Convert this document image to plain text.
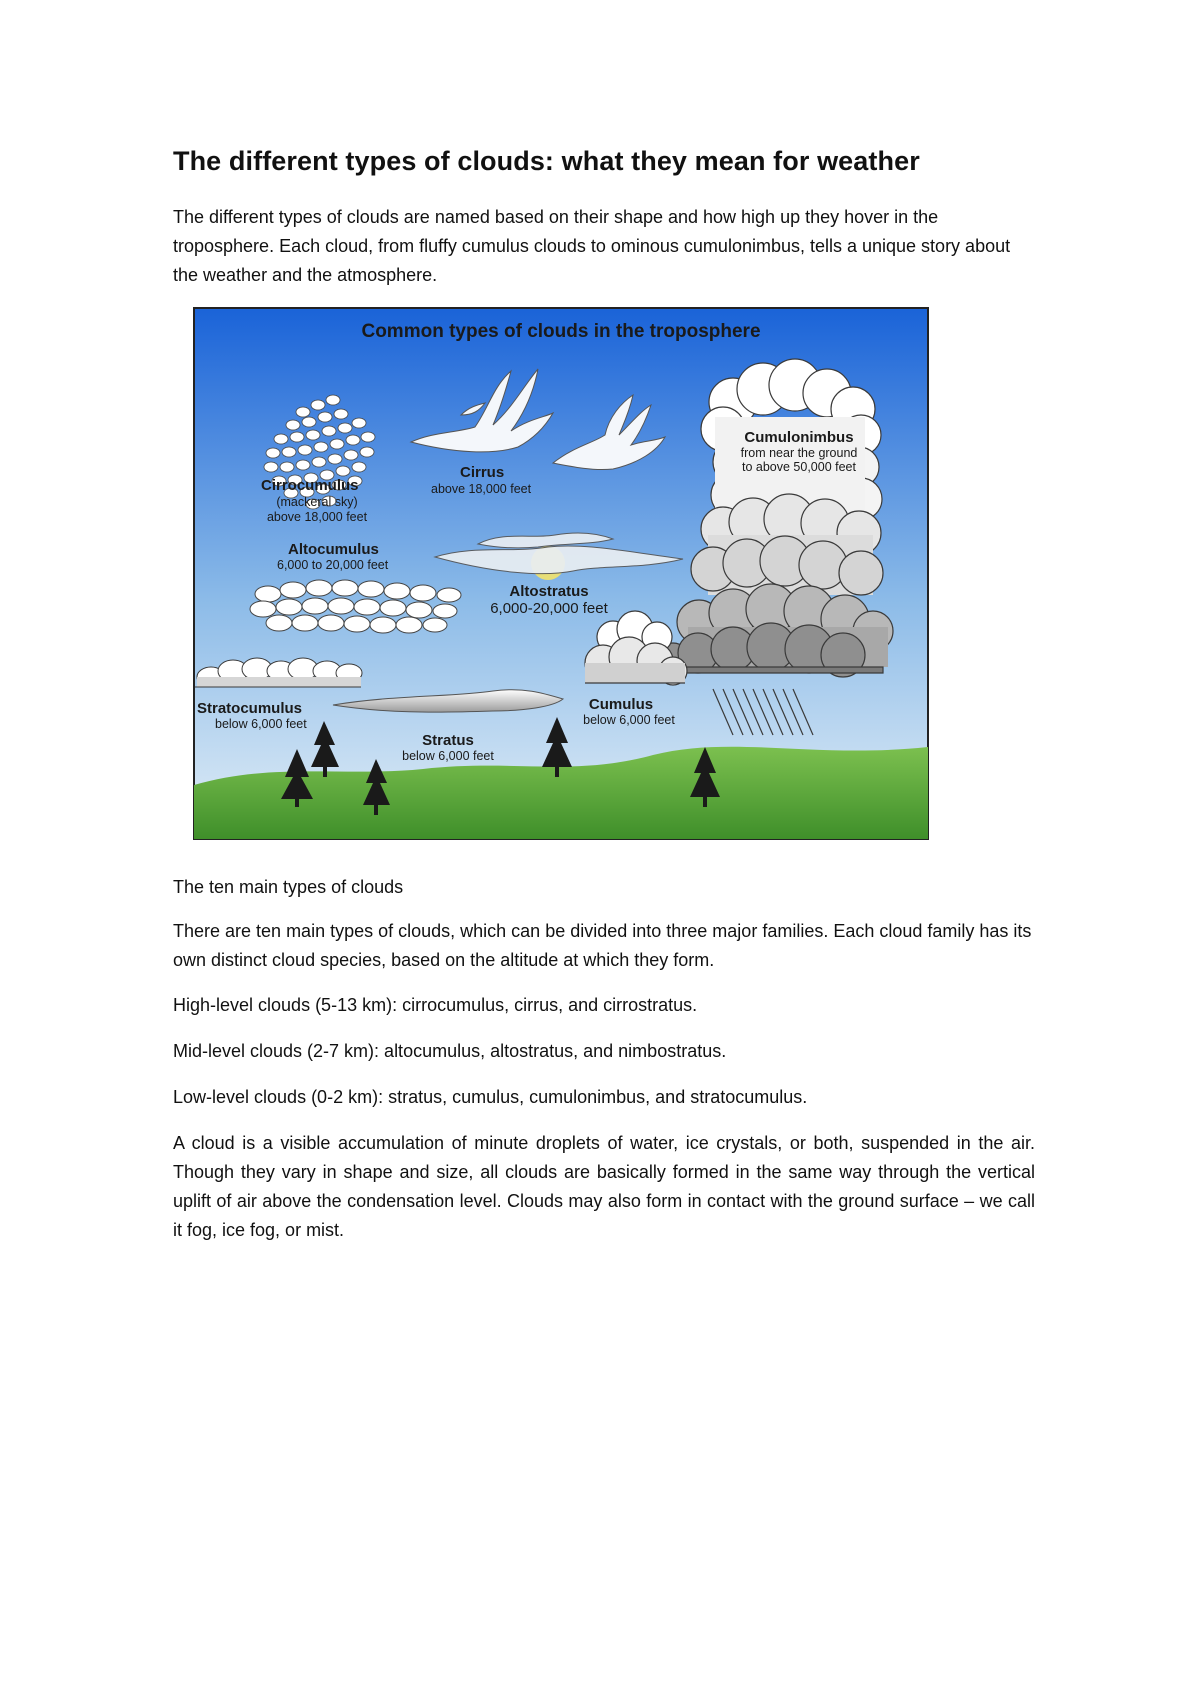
The different types of clouds: what they mean for weather

The different types of clouds are named based on their shape and how high up they hover in the troposphere. Each cloud, from fluffy cumulus clouds to ominous cumulonimbus, tells a unique story about the weather and the atmosphere.

Common types of clouds in the troposphere
Cirrocumulus
(mackeral sky)
above 18,000 feet
Cirrus
above 18,000 feet
Altocumulus
6,000 to 20,000 feet
Altostratus
6,000-20,000 feet
Cumulonimbus
from near the ground
to above 50,000 feet
Cumulus
below 6,000 feet
Stratocumulus
below 6,000 feet
Stratus
below 6,000 feet

The ten main types of clouds

There are ten main types of clouds, which can be divided into three major families. Each cloud family has its own distinct cloud species, based on the altitude at which they form.

High-level clouds (5-13 km): cirrocumulus, cirrus, and cirrostratus.

Mid-level clouds (2-7 km): altocumulus, altostratus, and nimbostratus.

Low-level clouds (0-2 km): stratus, cumulus, cumulonimbus, and stratocumulus.

A cloud is a visible accumulation of minute droplets of water, ice crystals, or both, suspended in the air. Though they vary in shape and size, all clouds are basically formed in the same way through the vertical uplift of air above the condensation level. Clouds may also form in contact with the ground surface – we call it fog, ice fog, or mist.
